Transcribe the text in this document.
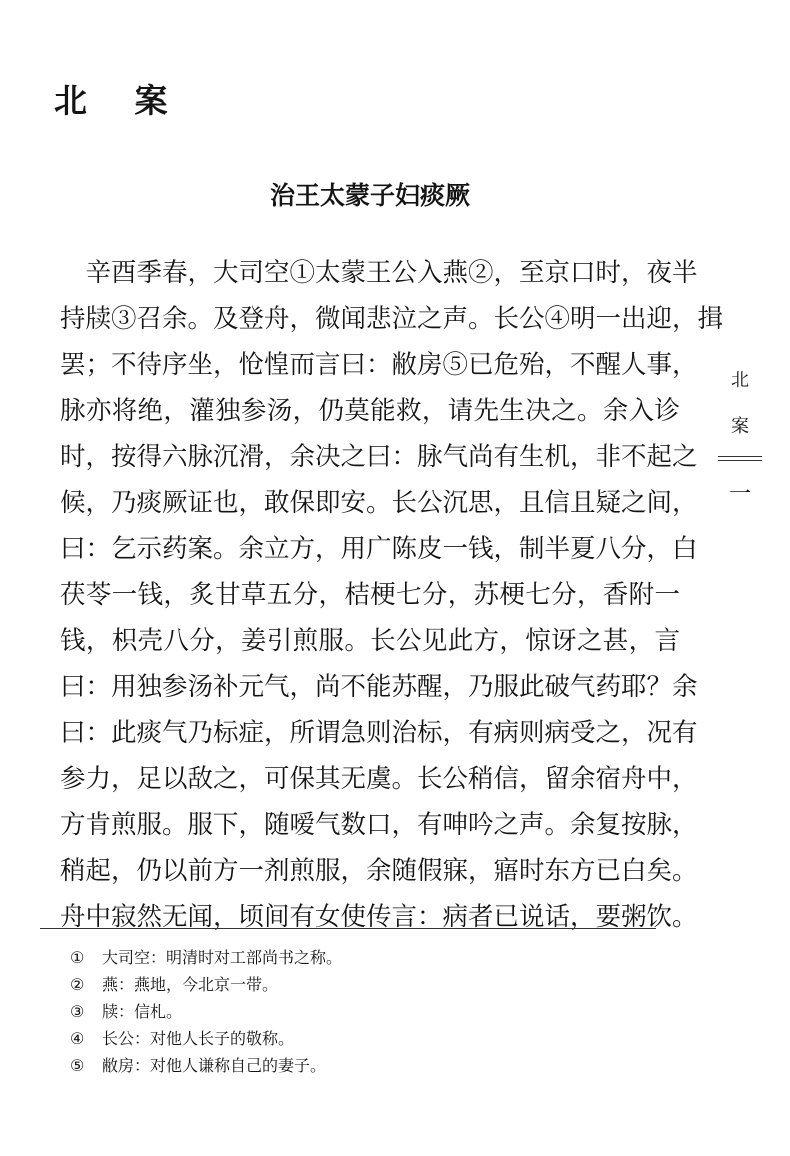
北 案
治王太蒙子妇痰厥
　辛酉季春，大司空①太蒙王公入燕②，至京口时，夜半
持牍③召余。及登舟，微闻悲泣之声。长公④明一出迎，揖
罢；不待序坐，怆惶而言曰：敝房⑤已危殆，不醒人事，
脉亦将绝，灌独参汤，仍莫能救，请先生决之。余入诊
时，按得六脉沉滑，余决之曰：脉气尚有生机，非不起之
候，乃痰厥证也，敢保即安。长公沉思，且信且疑之间，
曰：乞示药案。余立方，用广陈皮一钱，制半夏八分，白
茯苓一钱，炙甘草五分，桔梗七分，苏梗七分，香附一
钱，枳壳八分，姜引煎服。长公见此方，惊讶之甚，言
曰：用独参汤补元气，尚不能苏醒，乃服此破气药耶？余
曰：此痰气乃标症，所谓急则治标，有病则病受之，况有
参力，足以敌之，可保其无虞。长公稍信，留余宿舟中，
方肯煎服。服下，随嗳气数口，有呻吟之声。余复按脉，
稍起，仍以前方一剂煎服，余随假寐，寤时东方已白矣。
舟中寂然无闻，顷间有女使传言：病者已说话，要粥饮。
①	大司空：明清时对工部尚书之称。
②	燕：燕地，今北京一带。
③	牍：信札。
④	长公：对他人长子的敬称。
⑤	敝房：对他人谦称自己的妻子。
北
案
一
